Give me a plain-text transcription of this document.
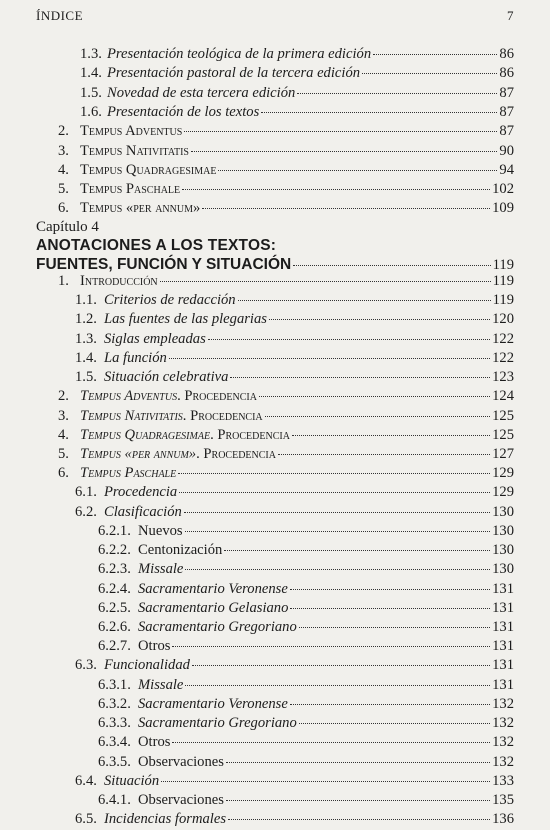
ÍNDICE	7
1.3. Presentación teológica de la primera edición	86
1.4. Presentación pastoral de la tercera edición	86
1.5. Novedad de esta tercera edición	87
1.6. Presentación de los textos	87
2. Tempus Adventus	87
3. Tempus Nativitatis	90
4. Tempus Quadragesimae	94
5. Tempus Paschale	102
6. Tempus «per annum»	109
Capítulo 4
ANOTACIONES A LOS TEXTOS:
FUENTES, FUNCIÓN Y SITUACIÓN	119
1. Introducción	119
1.1. Criterios de redacción	119
1.2. Las fuentes de las plegarias	120
1.3. Siglas empleadas	122
1.4. La función	122
1.5. Situación celebrativa	123
2. Tempus Adventus . Procedencia	124
3. Tempus Nativitatis . Procedencia	125
4. Tempus Quadragesimae . Procedencia	125
5. Tempus «per annum» . Procedencia	127
6. Tempus Paschale	129
6.1. Procedencia	129
6.2. Clasificación	130
6.2.1. Nuevos	130
6.2.2. Centonización	130
6.2.3. Missale	130
6.2.4. Sacramentario Veronense	131
6.2.5. Sacramentario Gelasiano	131
6.2.6. Sacramentario Gregoriano	131
6.2.7. Otros	131
6.3. Funcionalidad	131
6.3.1. Missale	131
6.3.2. Sacramentario Veronense	132
6.3.3. Sacramentario Gregoriano	132
6.3.4. Otros	132
6.3.5. Observaciones	132
6.4. Situación	133
6.4.1. Observaciones	135
6.5. Incidencias formales	136
